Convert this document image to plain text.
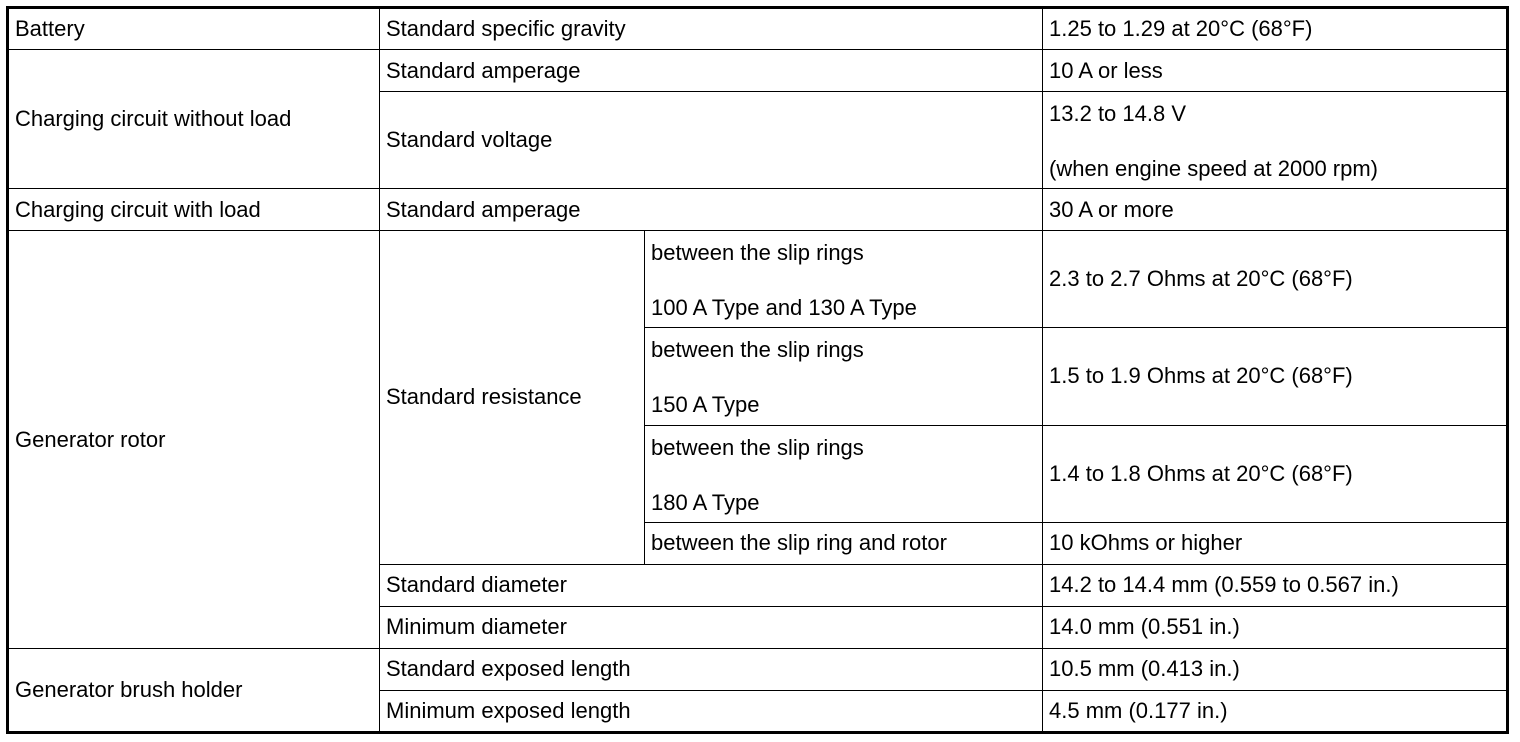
Battery	Standard specific gravity		1.25 to 1.29 at 20°C (68°F)
Charging circuit without load	Standard amperage		10 A or less
	Standard voltage		13.2 to 14.8 V
(when engine speed at 2000 rpm)

Charging circuit with load	Standard amperage		30 A or more
Generator rotor	Standard resistance	between the slip rings
100 A Type and 130 A Type	2.3 to 2.7 Ohms at 20°C (68°F)

		between the slip rings
150 A Type	1.5 to 1.9 Ohms at 20°C (68°F)

		between the slip rings
180 A Type	1.4 to 1.8 Ohms at 20°C (68°F)
		between the slip ring and rotor	10 kOhms or higher
	Standard diameter		14.2 to 14.4 mm (0.559 to 0.567 in.)
	Minimum diameter		14.0 mm (0.551 in.)
Generator brush holder	Standard exposed length		10.5 mm (0.413 in.)
	Minimum exposed length		4.5 mm (0.177 in.)
